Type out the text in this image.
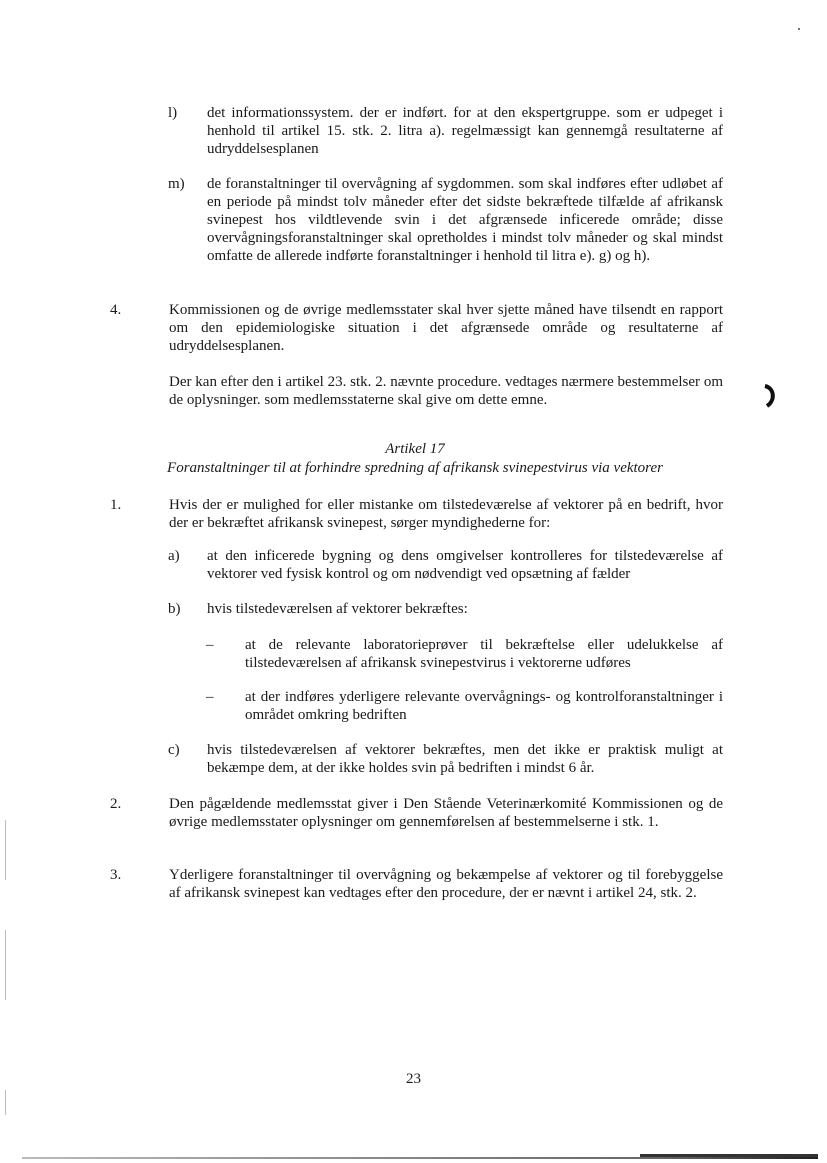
l) det informationssystem. der er indført. for at den ekspertgruppe. som er udpeget i henhold til artikel 15. stk. 2. litra a). regelmæssigt kan gennemgå resultaterne af udryddelsesplanen
m) de foranstaltninger til overvågning af sygdommen. som skal indføres efter udløbet af en periode på mindst tolv måneder efter det sidste bekræftede tilfælde af afrikansk svinepest hos vildtlevende svin i det afgrænsede inficerede område; disse overvågningsforanstaltninger skal opretholdes i mindst tolv måneder og skal mindst omfatte de allerede indførte foranstaltninger i henhold til litra e). g) og h).
4.	Kommissionen og de øvrige medlemsstater skal hver sjette måned have tilsendt en rapport om den epidemiologiske situation i det afgrænsede område og resultaterne af udryddelsesplanen.
Der kan efter den i artikel 23. stk. 2. nævnte procedure. vedtages nærmere bestemmelser om de oplysninger. som medlemsstaterne skal give om dette emne.
Artikel 17
Foranstaltninger til at forhindre spredning af afrikansk svinepestvirus via vektorer
1.	Hvis der er mulighed for eller mistanke om tilstedeværelse af vektorer på en bedrift, hvor der er bekræftet afrikansk svinepest, sørger myndighederne for:
a) at den inficerede bygning og dens omgivelser kontrolleres for tilstedeværelse af vektorer ved fysisk kontrol og om nødvendigt ved opsætning af fælder
b) hvis tilstedeværelsen af vektorer bekræftes:
– at de relevante laboratorieprøver til bekræftelse eller udelukkelse af tilstedeværelsen af afrikansk svinepestvirus i vektorerne udføres
– at der indføres yderligere relevante overvågnings- og kontrolforanstaltninger i området omkring bedriften
c) hvis tilstedeværelsen af vektorer bekræftes, men det ikke er praktisk muligt at bekæmpe dem, at der ikke holdes svin på bedriften i mindst 6 år.
2.	Den pågældende medlemsstat giver i Den Stående Veterinærkomité Kommissionen og de øvrige medlemsstater oplysninger om gennemførelsen af bestemmelserne i stk. 1.
3.	Yderligere foranstaltninger til overvågning og bekæmpelse af vektorer og til forebyggelse af afrikansk svinepest kan vedtages efter den procedure, der er nævnt i artikel 24, stk. 2.
23
